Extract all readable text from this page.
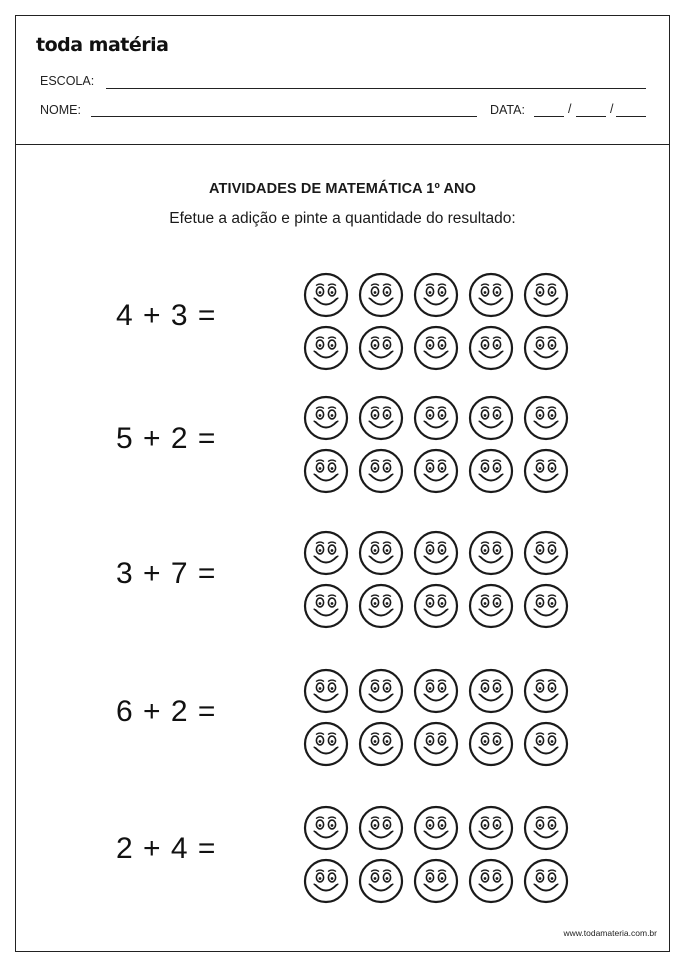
toda matéria
ESCOLA:
NOME:	DATA:	/	/
ATIVIDADES DE MATEMÁTICA 1º ANO
Efetue a adição e pinte a quantidade do resultado:
4 + 3 =
5 + 2 =
3 + 7 =
6 + 2 =
2 + 4 =
www.todamateria.com.br
